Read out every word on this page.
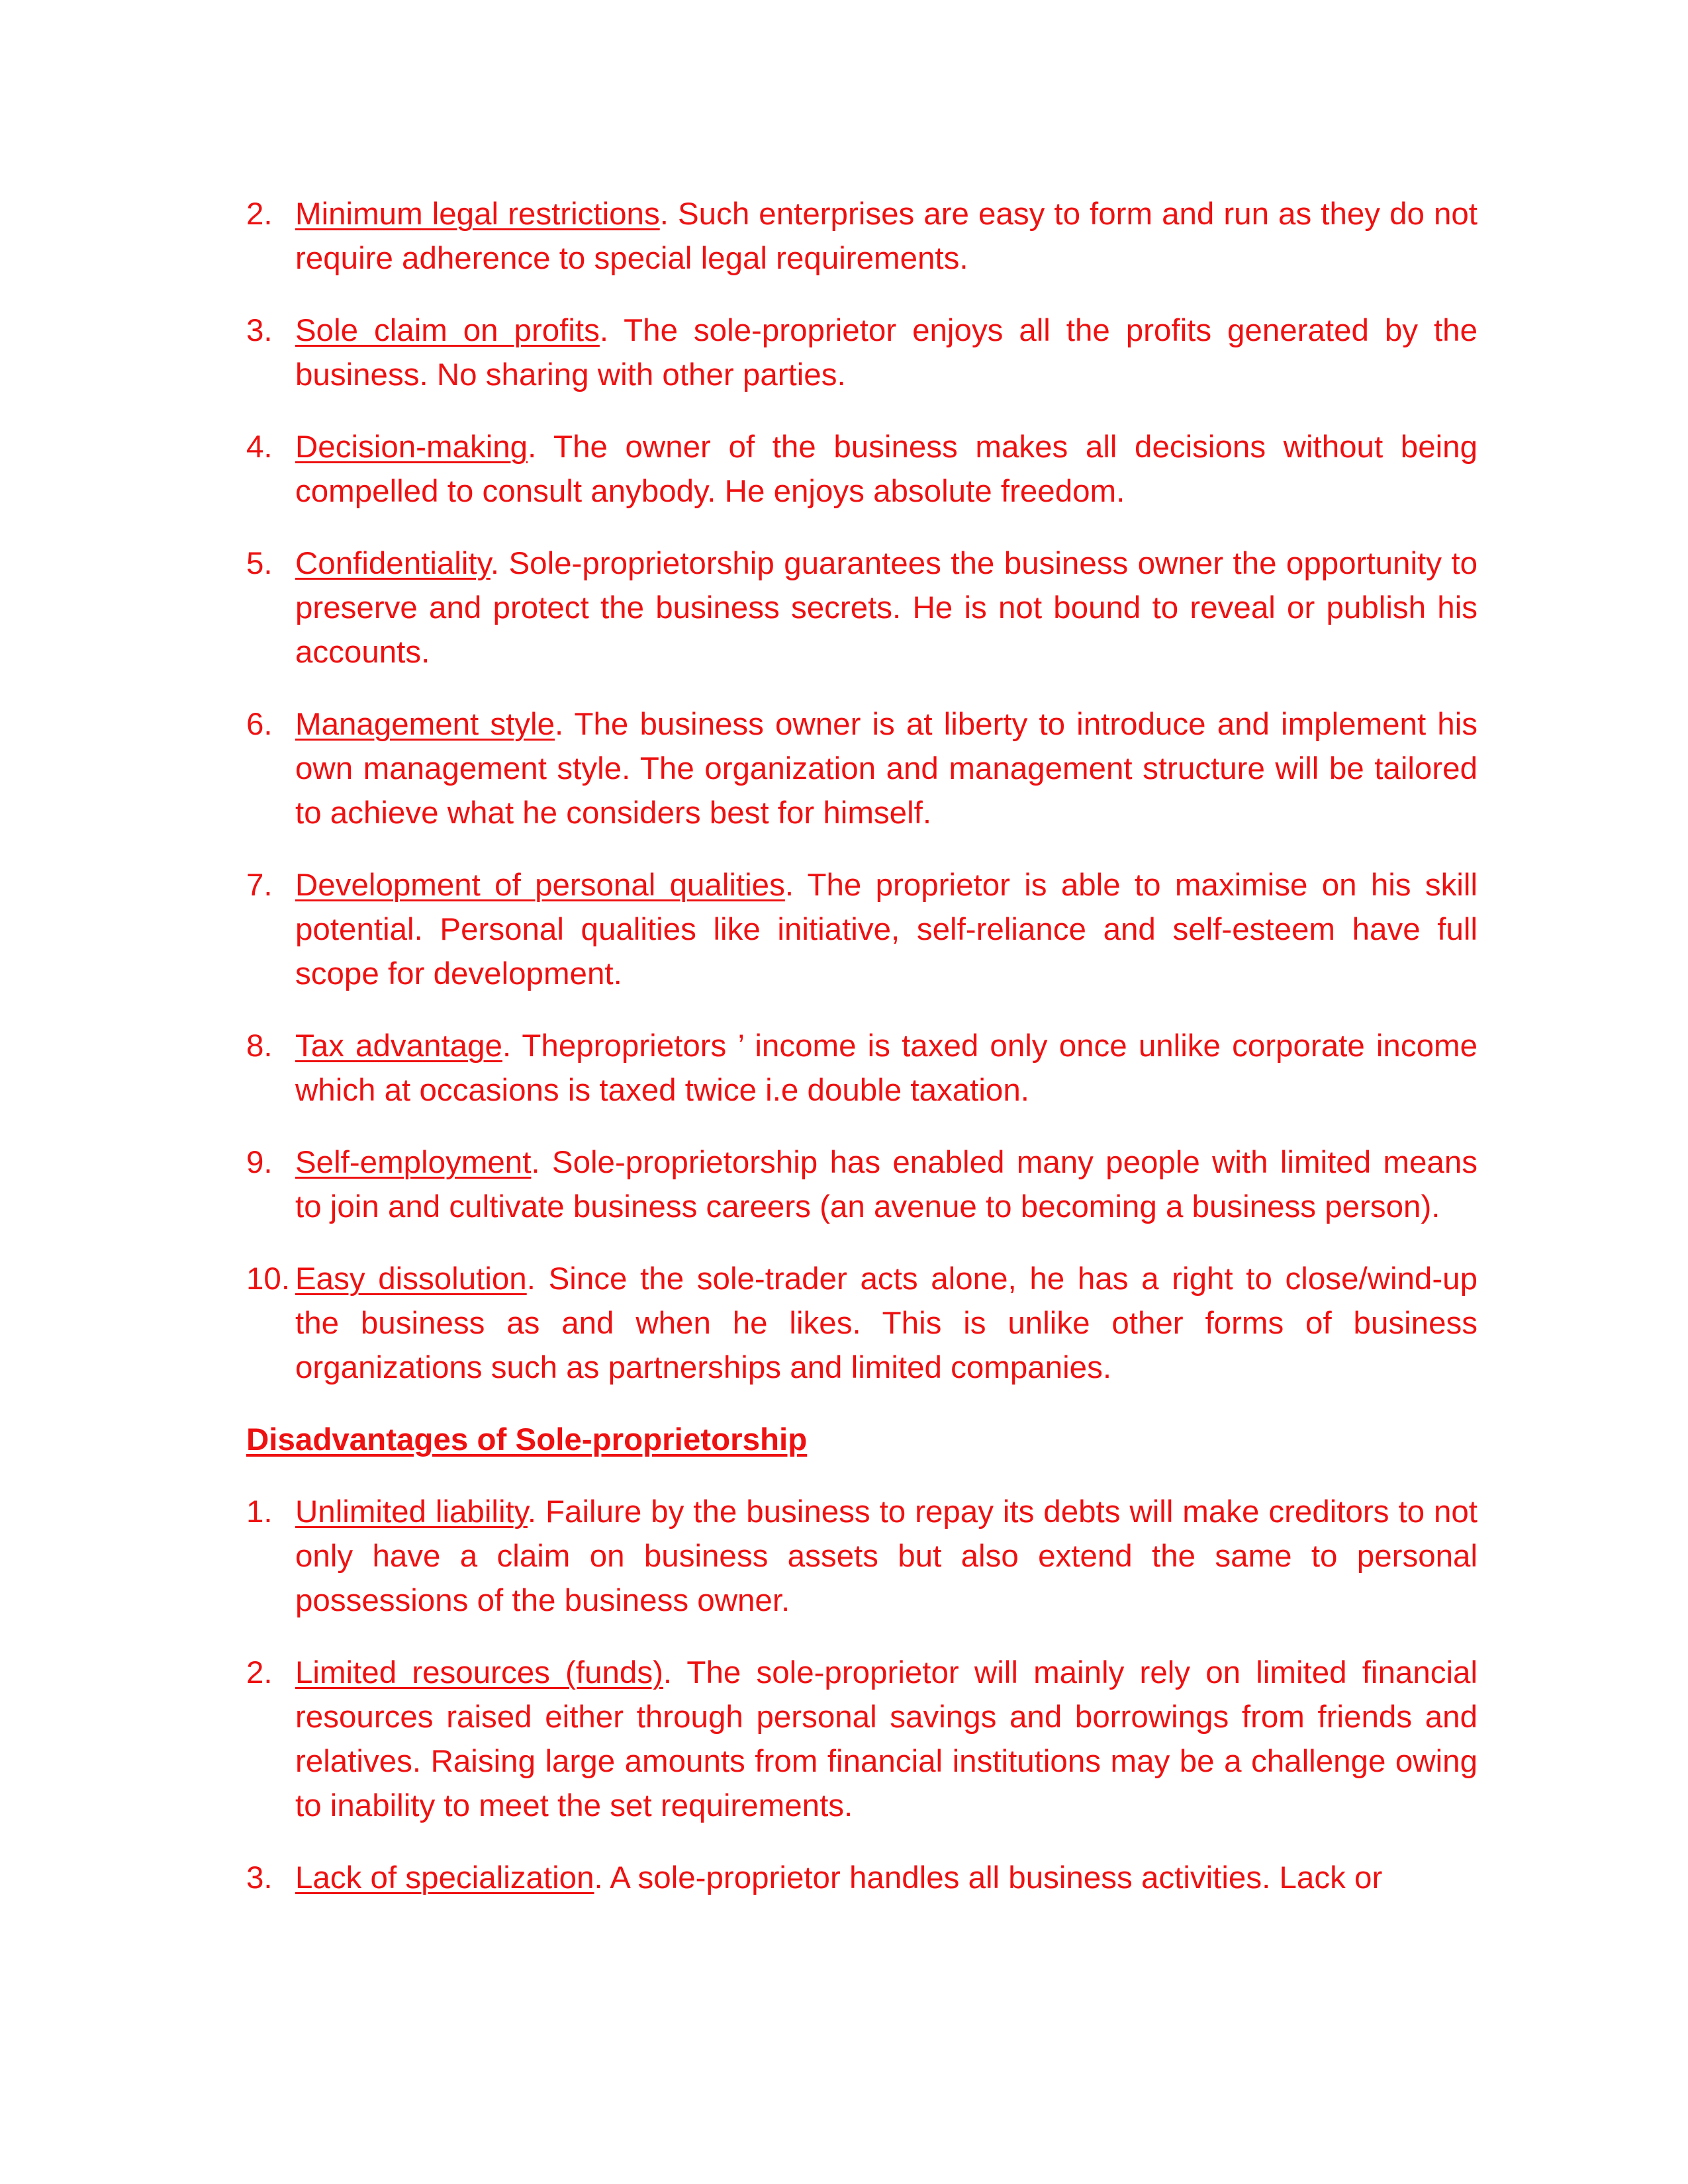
2. Minimum legal restrictions. Such enterprises are easy to form and run as they do not require adherence to special legal requirements.
3. Sole claim on profits. The sole-proprietor enjoys all the profits generated by the business. No sharing with other parties.
4. Decision-making. The owner of the business makes all decisions without being compelled to consult anybody. He enjoys absolute freedom.
5. Confidentiality. Sole-proprietorship guarantees the business owner the opportunity to preserve and protect the business secrets. He is not bound to reveal or publish his accounts.
6. Management style. The business owner is at liberty to introduce and implement his own management style. The organization and management structure will be tailored to achieve what he considers best for himself.
7. Development of personal qualities. The proprietor is able to maximise on his skill potential. Personal qualities like initiative, self-reliance and self-esteem have full scope for development.
8. Tax advantage. Theproprietors ’ income is taxed only once unlike corporate income which at occasions is taxed twice i.e double taxation.
9. Self-employment. Sole-proprietorship has enabled many people with limited means to join and cultivate business careers (an avenue to becoming a business person).
10. Easy dissolution. Since the sole-trader acts alone, he has a right to close/wind-up the business as and when he likes. This is unlike other forms of business organizations such as partnerships and limited companies.
Disadvantages of Sole-proprietorship
1. Unlimited liability. Failure by the business to repay its debts will make creditors to not only have a claim on business assets but also extend the same to personal possessions of the business owner.
2. Limited resources (funds). The sole-proprietor will mainly rely on limited financial resources raised either through personal savings and borrowings from friends and relatives. Raising large amounts from financial institutions may be a challenge owing to inability to meet the set requirements.
3. Lack of specialization. A sole-proprietor handles all business activities. Lack or
